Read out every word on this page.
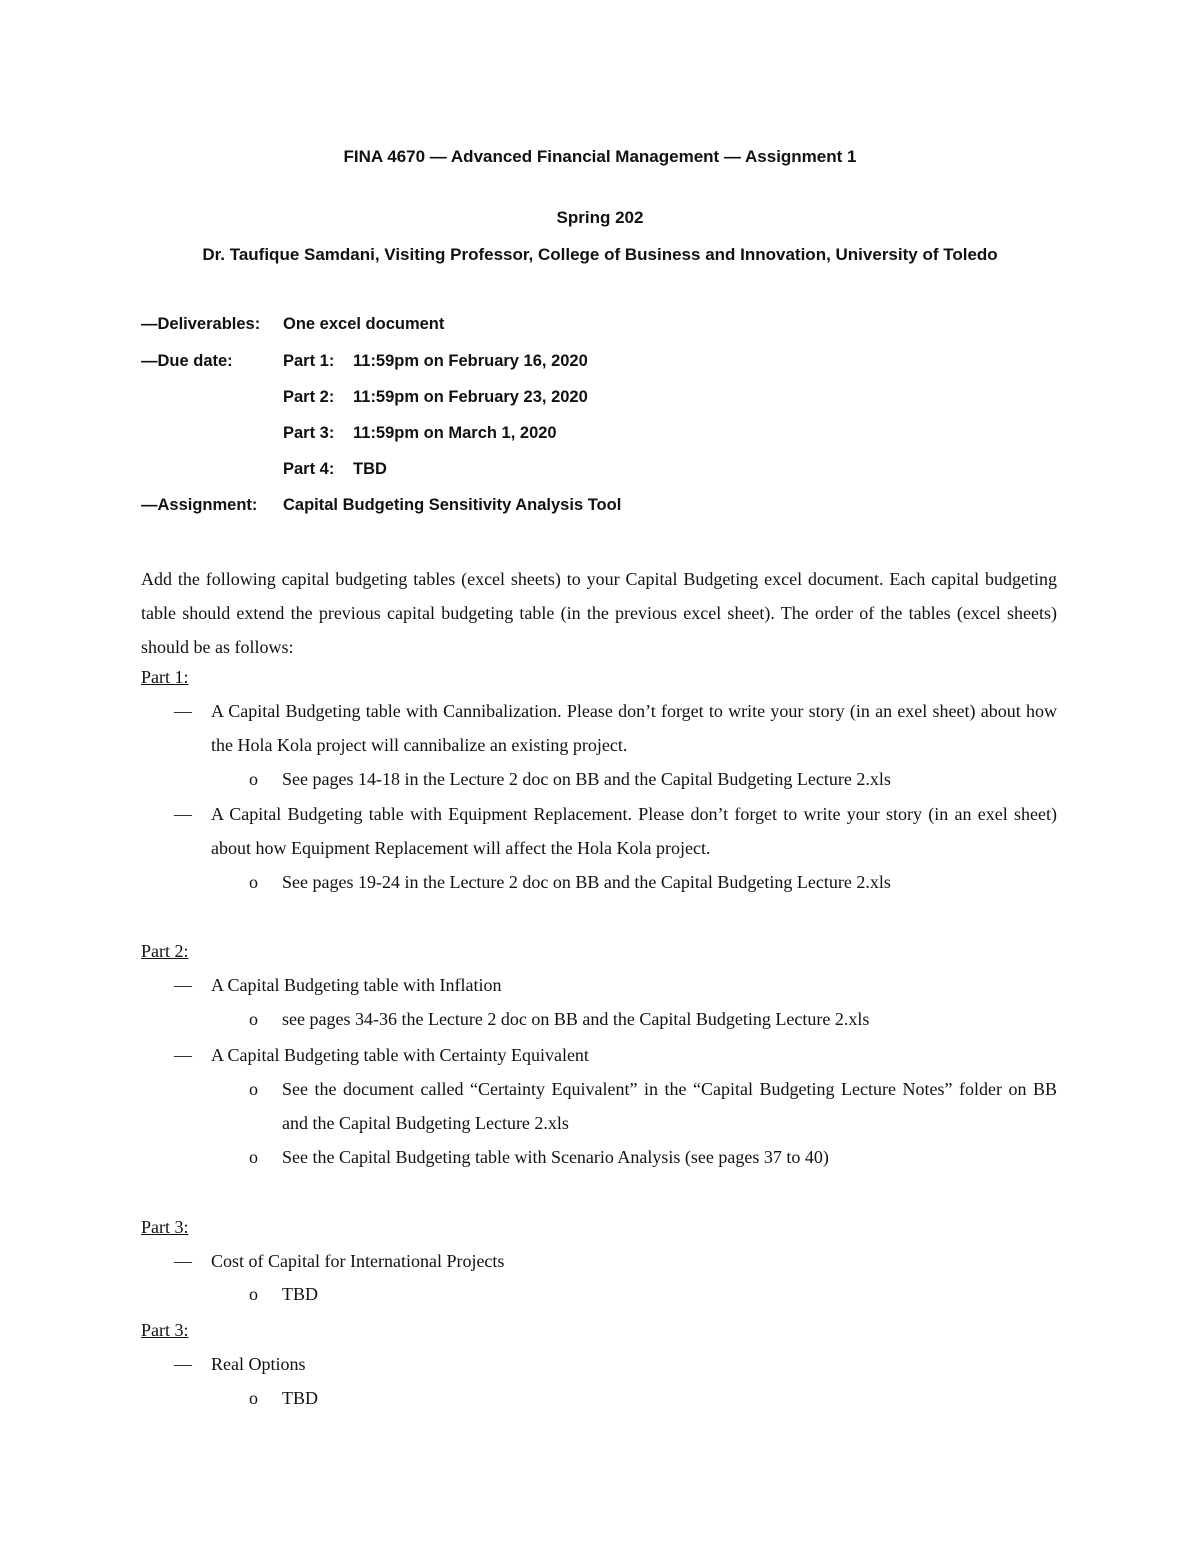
FINA 4670 — Advanced Financial Management — Assignment 1
Spring 202
Dr. Taufique Samdani, Visiting Professor, College of Business and Innovation, University of Toledo
—Deliverables: One excel document
—Due date:	Part 1: 11:59pm on February 16, 2020
Part 2: 11:59pm on February 23, 2020
Part 3: 11:59pm on March 1, 2020
Part 4: TBD
—Assignment: Capital Budgeting Sensitivity Analysis Tool
Add the following capital budgeting tables (excel sheets) to your Capital Budgeting excel document. Each capital budgeting table should extend the previous capital budgeting table (in the previous excel sheet). The order of the tables (excel sheets) should be as follows:
Part 1:
— A Capital Budgeting table with Cannibalization. Please don’t forget to write your story (in an exel sheet) about how the Hola Kola project will cannibalize an existing project.
o See pages 14-18 in the Lecture 2 doc on BB and the Capital Budgeting Lecture 2.xls
— A Capital Budgeting table with Equipment Replacement. Please don’t forget to write your story (in an exel sheet) about how Equipment Replacement will affect the Hola Kola project.
o See pages 19-24 in the Lecture 2 doc on BB and the Capital Budgeting Lecture 2.xls
Part 2:
— A Capital Budgeting table with Inflation
o see pages 34-36 the Lecture 2 doc on BB and the Capital Budgeting Lecture 2.xls
— A Capital Budgeting table with Certainty Equivalent
o See the document called “Certainty Equivalent” in the “Capital Budgeting Lecture Notes” folder on BB and the Capital Budgeting Lecture 2.xls
o See the Capital Budgeting table with Scenario Analysis (see pages 37 to 40)
Part 3:
— Cost of Capital for International Projects
o TBD
Part 3:
— Real Options
o TBD
